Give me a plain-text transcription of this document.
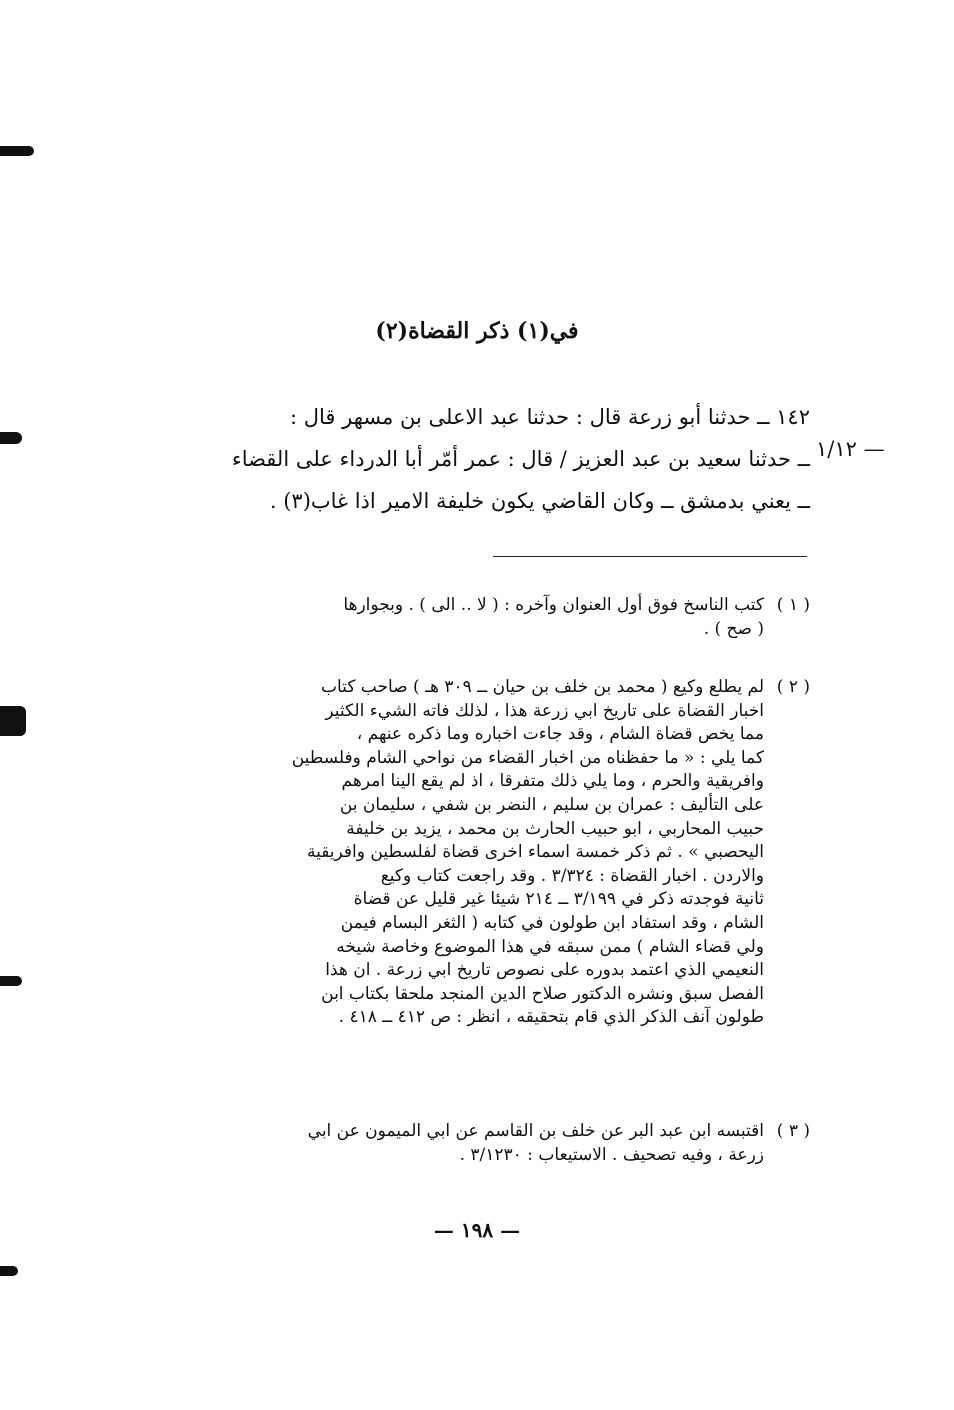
في(١) ذكر القضاة(٢)
١/١٢ —
١٤٢ ــ حدثنا أبو زرعة قال : حدثنا عبد الاعلى بن مسهر قال :
ــ حدثنا سعيد بن عبد العزيز / قال : عمر أمّر أبا الدرداء على القضاء
ــ يعني بدمشق ــ وكان القاضي يكون خليفة الامير اذا غاب(٣) .
( ١ )
كتب الناسخ فوق أول العنوان وآخره : ( لا .. الى ) . وبجوارها
( صح ) .
( ٢ )
لم يطلع وكيع ( محمد بن خلف بن حيان ــ ٣٠٩ هـ ) صاحب كتاب
اخبار القضاة على تاريخ ابي زرعة هذا ، لذلك فاته الشيء الكثير
مما يخص قضاة الشام ، وقد جاءت اخباره وما ذكره عنهم ،
كما يلي : « ما حفظناه من اخبار القضاء من نواحي الشام وفلسطين
وافريقية والحرم ، وما يلي ذلك متفرقا ، اذ لم يقع الينا امرهم
على التأليف : عمران بن سليم ، النضر بن شفي ، سليمان بن
حبيب المحاربي ، ابو حبيب الحارث بن محمد ، يزيد بن خليفة
اليحصبي » . ثم ذكر خمسة اسماء اخرى قضاة لفلسطين وافريقية
والاردن . اخبار القضاة : ٣/٣٢٤ . وقد راجعت كتاب وكيع
ثانية فوجدته ذكر في ٣/١٩٩ ــ ٢١٤ شيئا غير قليل عن قضاة
الشام ، وقد استفاد ابن طولون في كتابه ( الثغر البسام فيمن
ولي قضاء الشام ) ممن سبقه في هذا الموضوع وخاصة شيخه
النعيمي الذي اعتمد بدوره على نصوص تاريخ ابي زرعة . ان هذا
الفصل سبق ونشره الدكتور صلاح الدين المنجد ملحقا بكتاب ابن
طولون آنف الذكر الذي قام بتحقيقه ، انظر : ص ٤١٢ ــ ٤١٨ .
( ٣ )
اقتبسه ابن عبد البر عن خلف بن القاسم عن ابي الميمون عن ابي
زرعة ، وفيه تصحيف . الاستيعاب : ٣/١٢٣٠ .
— ١٩٨ —
